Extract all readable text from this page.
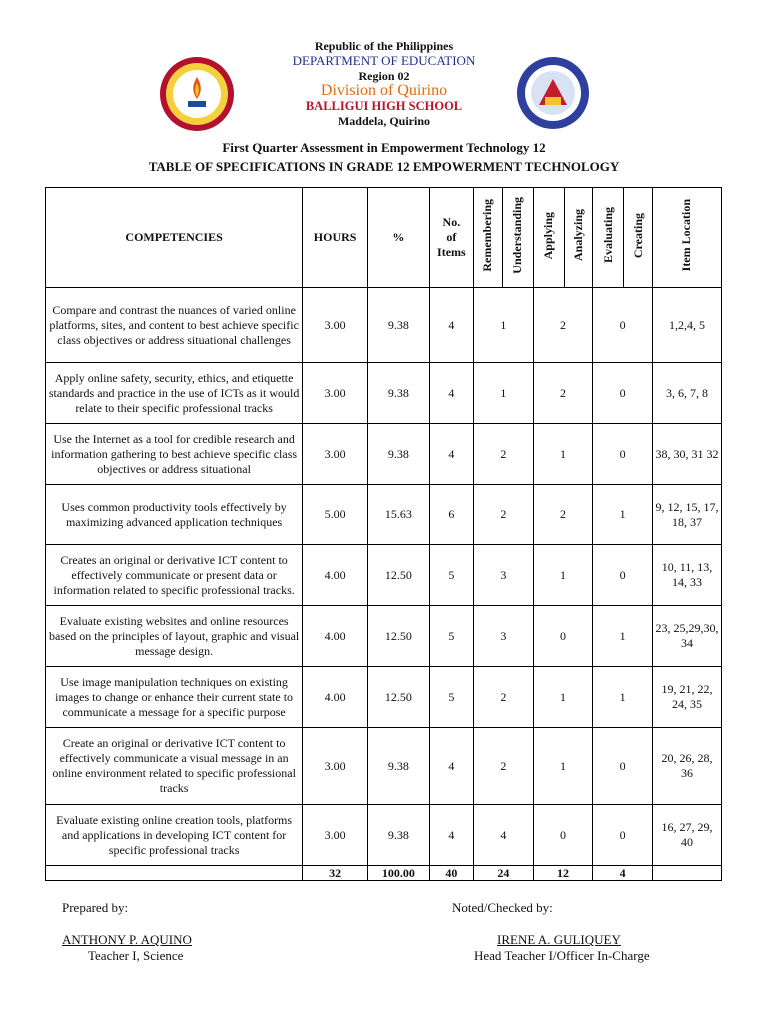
Republic of the Philippines
DEPARTMENT OF EDUCATION
Region 02
Division of Quirino
BALLIGUI HIGH SCHOOL
Maddela, Quirino
First Quarter Assessment in Empowerment Technology 12
TABLE OF SPECIFICATIONS IN GRADE 12 EMPOWERMENT TECHNOLOGY
COMPETENCIES	HOURS	%	No.
of
Items	Remembering	Understanding	Applying	Analyzing	Evaluating	Creating	Item Location
Compare and contrast the nuances of varied online platforms, sites, and content to best achieve specific class objectives or address situational challenges	3.00	9.38	4	1		2		0		1,2,4, 5
Apply online safety, security, ethics, and etiquette standards and practice in the use of ICTs as it would relate to their specific professional tracks	3.00	9.38	4	1		2		0		3, 6, 7, 8
Use the Internet as a tool for credible research and information gathering to best achieve specific class objectives or address situational	3.00	9.38	4	2		1		0		38, 30, 31 32
Uses common productivity tools effectively by maximizing advanced application techniques	5.00	15.63	6	2		2		1		9, 12, 15, 17, 18, 37
Creates an original or derivative ICT content to effectively communicate or present data or information related to specific professional tracks.	4.00	12.50	5	3		1		0		10, 11, 13, 14, 33
Evaluate existing websites and online resources based on the principles of layout, graphic and visual message design.	4.00	12.50	5	3		0		1		23, 25,29,30, 34
Use image manipulation techniques on existing images to change or enhance their current state to communicate a message for a specific purpose	4.00	12.50	5	2		1		1		19, 21, 22, 24, 35
Create an original or derivative ICT content to effectively communicate a visual message in an online environment related to specific professional tracks	3.00	9.38	4	2		1		0		20, 26, 28, 36
Evaluate existing online creation tools, platforms and applications in developing ICT content for specific professional tracks	3.00	9.38	4	4		0		0		16, 27, 29, 40
	32	100.00	40	24		12		4		
Prepared by:	Noted/Checked by:
ANTHONY P. AQUINO
Teacher I, Science
IRENE A. GULIQUEY
Head Teacher I/Officer In-Charge
